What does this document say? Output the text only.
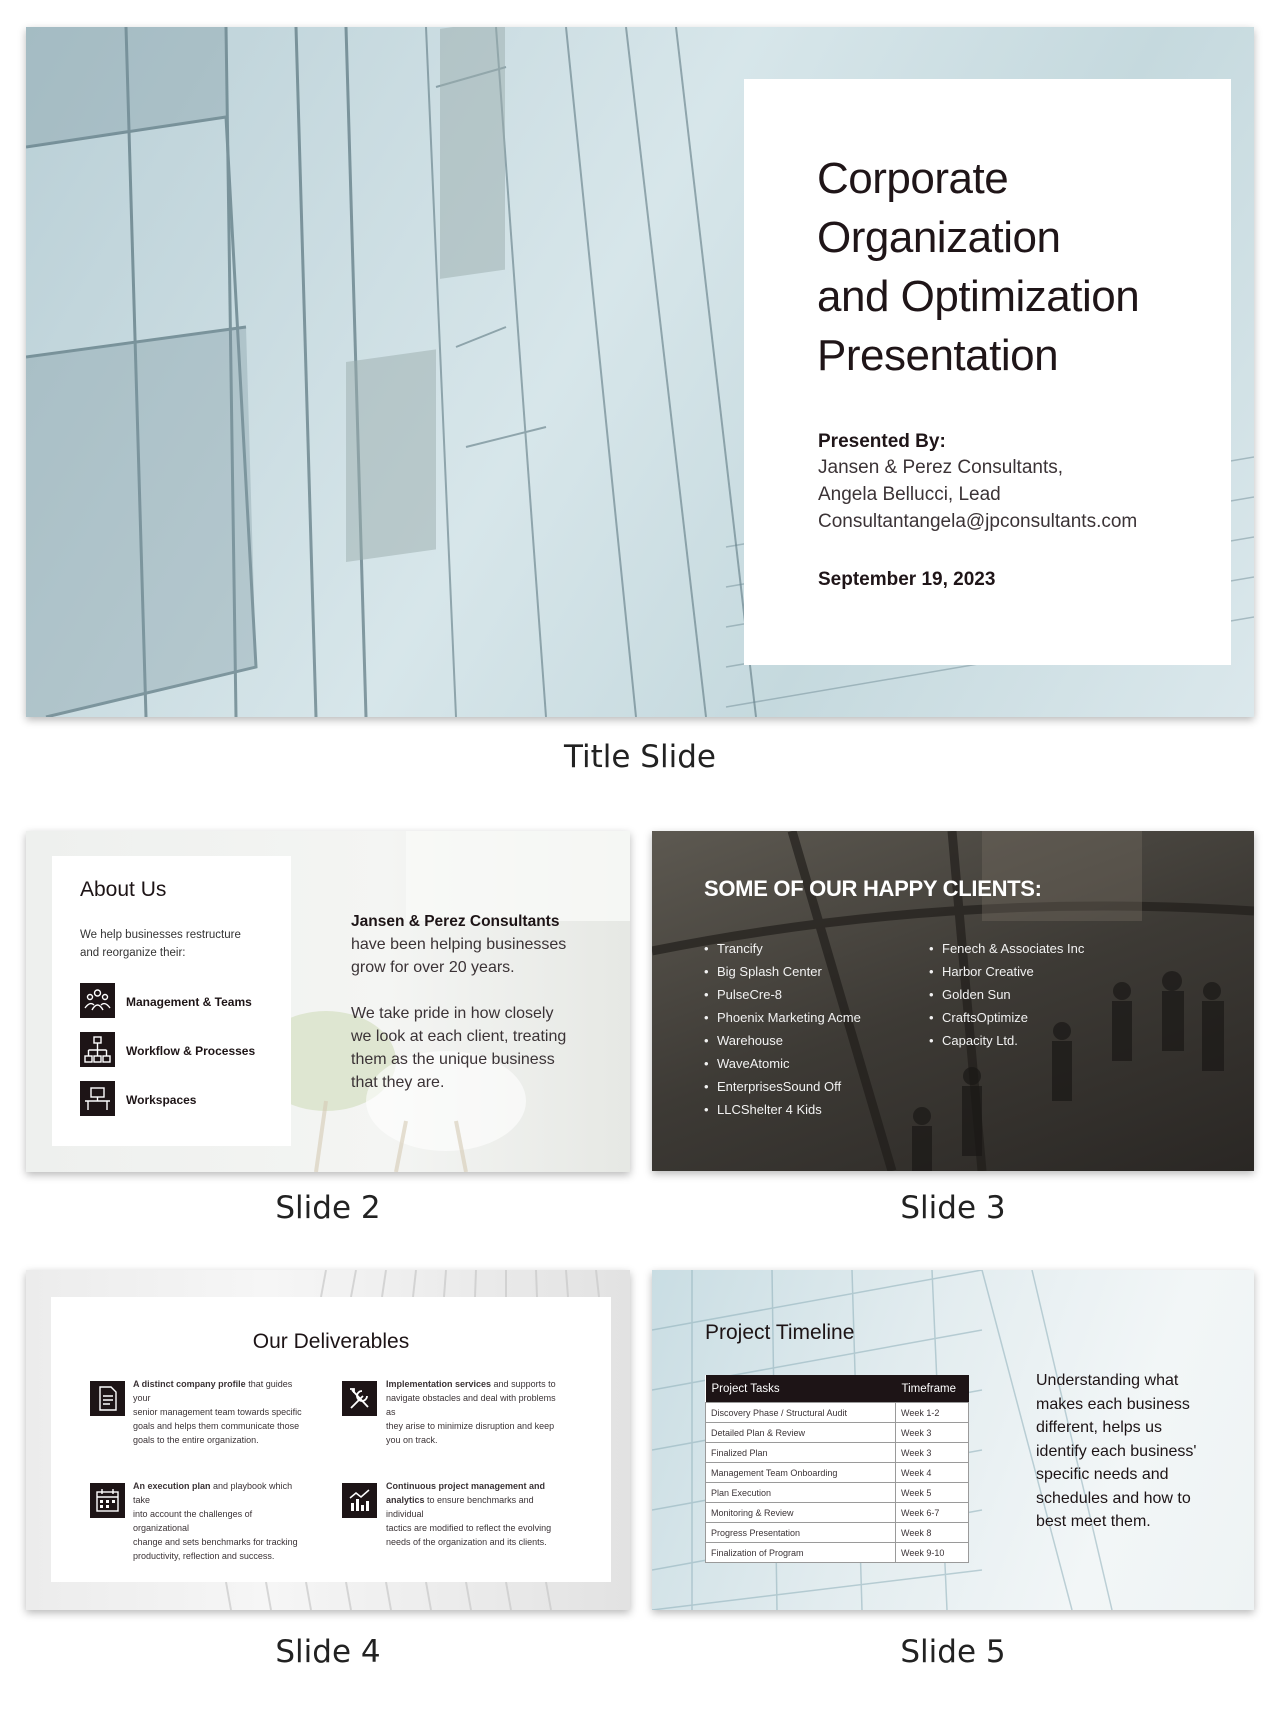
Corporate
Organization
and Optimization
Presentation
Presented By:
Jansen & Perez Consultants,
Angela Bellucci, Lead
Consultantangela@jpconsultants.com
September 19, 2023
Title Slide
About Us
We help businesses restructure
and reorganize their:
Management & Teams
Workflow & Processes
Workspaces
Jansen & Perez Consultants
have been helping businesses
grow for over 20 years.
We take pride in how closely
we look at each client, treating
them as the unique business
that they are.
Slide 2
SOME OF OUR HAPPY CLIENTS:
• Trancify
• Big Splash Center
• PulseCre-8
• Phoenix Marketing Acme
• Warehouse
• WaveAtomic
• EnterprisesSound Off
• LLCShelter 4 Kids
• Fenech & Associates Inc
• Harbor Creative
• Golden Sun
• CraftsOptimize
• Capacity Ltd.
Slide 3
Our Deliverables
A distinct company profile that guides your
senior management team towards specific
goals and helps them communicate those
goals to the entire organization.
Implementation services and supports to
navigate obstacles and deal with problems as
they arise to minimize disruption and keep
you on track.
An execution plan and playbook which take
into account the challenges of organizational
change and sets benchmarks for tracking
productivity, reflection and success.
Continuous project management and analytics to ensure benchmarks and individual
tactics are modified to reflect the evolving
needs of the organization and its clients.
Slide 4
Project Timeline
Project Tasks	Timeframe
Discovery Phase / Structural Audit	Week 1-2
Detailed Plan & Review	Week 3
Finalized Plan	Week 3
Management Team Onboarding	Week 4
Plan Execution	Week 5
Monitoring & Review	Week 6-7
Progress Presentation	Week 8
Finalization of Program	Week 9-10
Understanding what
makes each business
different, helps us
identify each business'
specific needs and
schedules and how to
best meet them.
Slide 5
